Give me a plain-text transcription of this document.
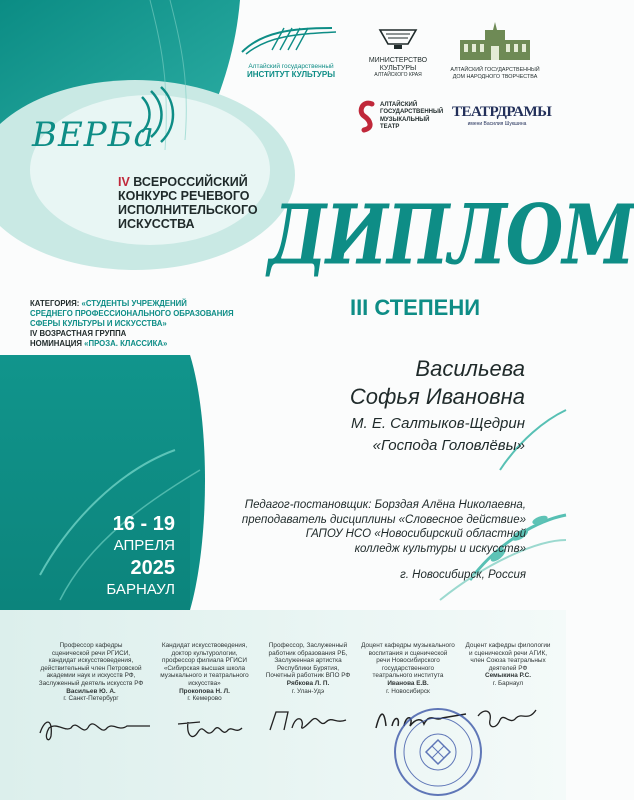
Алтайский государственный
ИНСТИТУТ КУЛЬТУРЫ
МИНИСТЕРСТВО
КУЛЬТУРЫ
АЛТАЙСКОГО КРАЯ
АЛТАЙСКИЙ ГОСУДАРСТВЕННЫЙ
ДОМ НАРОДНОГО ТВОРЧЕСТВА
АЛТАЙСКИЙ
ГОСУДАРСТВЕННЫЙ
МУЗЫКАЛЬНЫЙ
ТЕАТР
ТЕАТРДРАМЫ
имени Василия Шукшина
ВЕРБа
IV ВСЕРОССИЙСКИЙ
КОНКУРС РЕЧЕВОГО
ИСПОЛНИТЕЛЬСКОГО
ИСКУССТВА
КАТЕГОРИЯ: «СТУДЕНТЫ УЧРЕЖДЕНИЙ
СРЕДНЕГО ПРОФЕССИОНАЛЬНОГО ОБРАЗОВАНИЯ
СФЕРЫ КУЛЬТУРЫ И ИСКУССТВА»
IV ВОЗРАСТНАЯ ГРУППА
НОМИНАЦИЯ «ПРОЗА. КЛАССИКА»
ДИПЛОМ
III СТЕПЕНИ
Васильева
Софья Ивановна
М. Е. Салтыков-Щедрин
«Господа Головлёвы»
Педагог-постановщик: Борздая Алёна Николаевна,
преподаватель дисциплины «Словесное действие»
ГАПОУ НСО «Новосибирский областной
колледж культуры и искусств»
г. Новосибирск, Россия
16 - 19
АПРЕЛЯ
2025
БАРНАУЛ
Профессор кафедры
сценической речи РГИСИ,
кандидат искусствоведения,
действительный член Петровской
академии наук и искусств РФ,
Заслуженный деятель искусств РФ
Васильев Ю. А.
г. Санкт-Петербург
Кандидат искусствоведения,
доктор культурологии,
профессор филиала РГИСИ
«Сибирская высшая школа
музыкального и театрального
искусства»
Прокопова Н. Л.
г. Кемерово
Профессор, Заслуженный
работник образования РБ,
Заслуженная артистка
Республики Бурятия,
Почетный работник ВПО РФ
Рябкова Л. П.
г. Улан-Удэ
Доцент кафедры музыкального
воспитания и сценической
речи Новосибирского
государственного
театрального института
Иванова Е.В.
г. Новосибирск
Доцент кафедры филологии
и сценической речи АГИК,
член Союза театральных
деятелей РФ
Семыкина Р.С.
г. Барнаул
